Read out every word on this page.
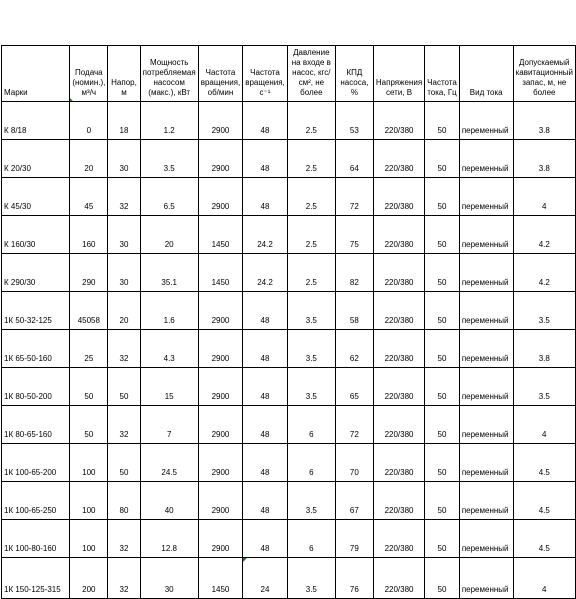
Марки	Подача (номин.), м³/ч	Напор, м	Мощность потребляемая насосом (макс.), кВт	Частота вращения, об/мин	Частота вращения, с⁻¹	Давление на входе в насос, кгс/см², не более	КПД насоса, %	Напряжения сети, В	Частота тока, Гц	Вид тока	Допускаемый кавитационный запас, м, не более
К 8/18	0	18	1.2	2900	48	2.5	53	220/380	50	переменный	3.8
К 20/30	20	30	3.5	2900	48	2.5	64	220/380	50	переменный	3.8
К 45/30	45	32	6.5	2900	48	2.5	72	220/380	50	переменный	4
К 160/30	160	30	20	1450	24.2	2.5	75	220/380	50	переменный	4.2
К 290/30	290	30	35.1	1450	24.2	2.5	82	220/380	50	переменный	4.2
1К 50-32-125	45058	20	1.6	2900	48	3.5	58	220/380	50	переменный	3.5
1К 65-50-160	25	32	4.3	2900	48	3.5	62	220/380	50	переменный	3.8
1К 80-50-200	50	50	15	2900	48	3.5	65	220/380	50	переменный	3.5
1К 80-65-160	50	32	7	2900	48	6	72	220/380	50	переменный	4
1К 100-65-200	100	50	24.5	2900	48	6	70	220/380	50	переменный	4.5
1К 100-65-250	100	80	40	2900	48	3.5	67	220/380	50	переменный	4.5
1К 100-80-160	100	32	12.8	2900	48	6	79	220/380	50	переменный	4.5
1К 150-125-315	200	32	30	1450	24	3.5	76	220/380	50	переменный	4
